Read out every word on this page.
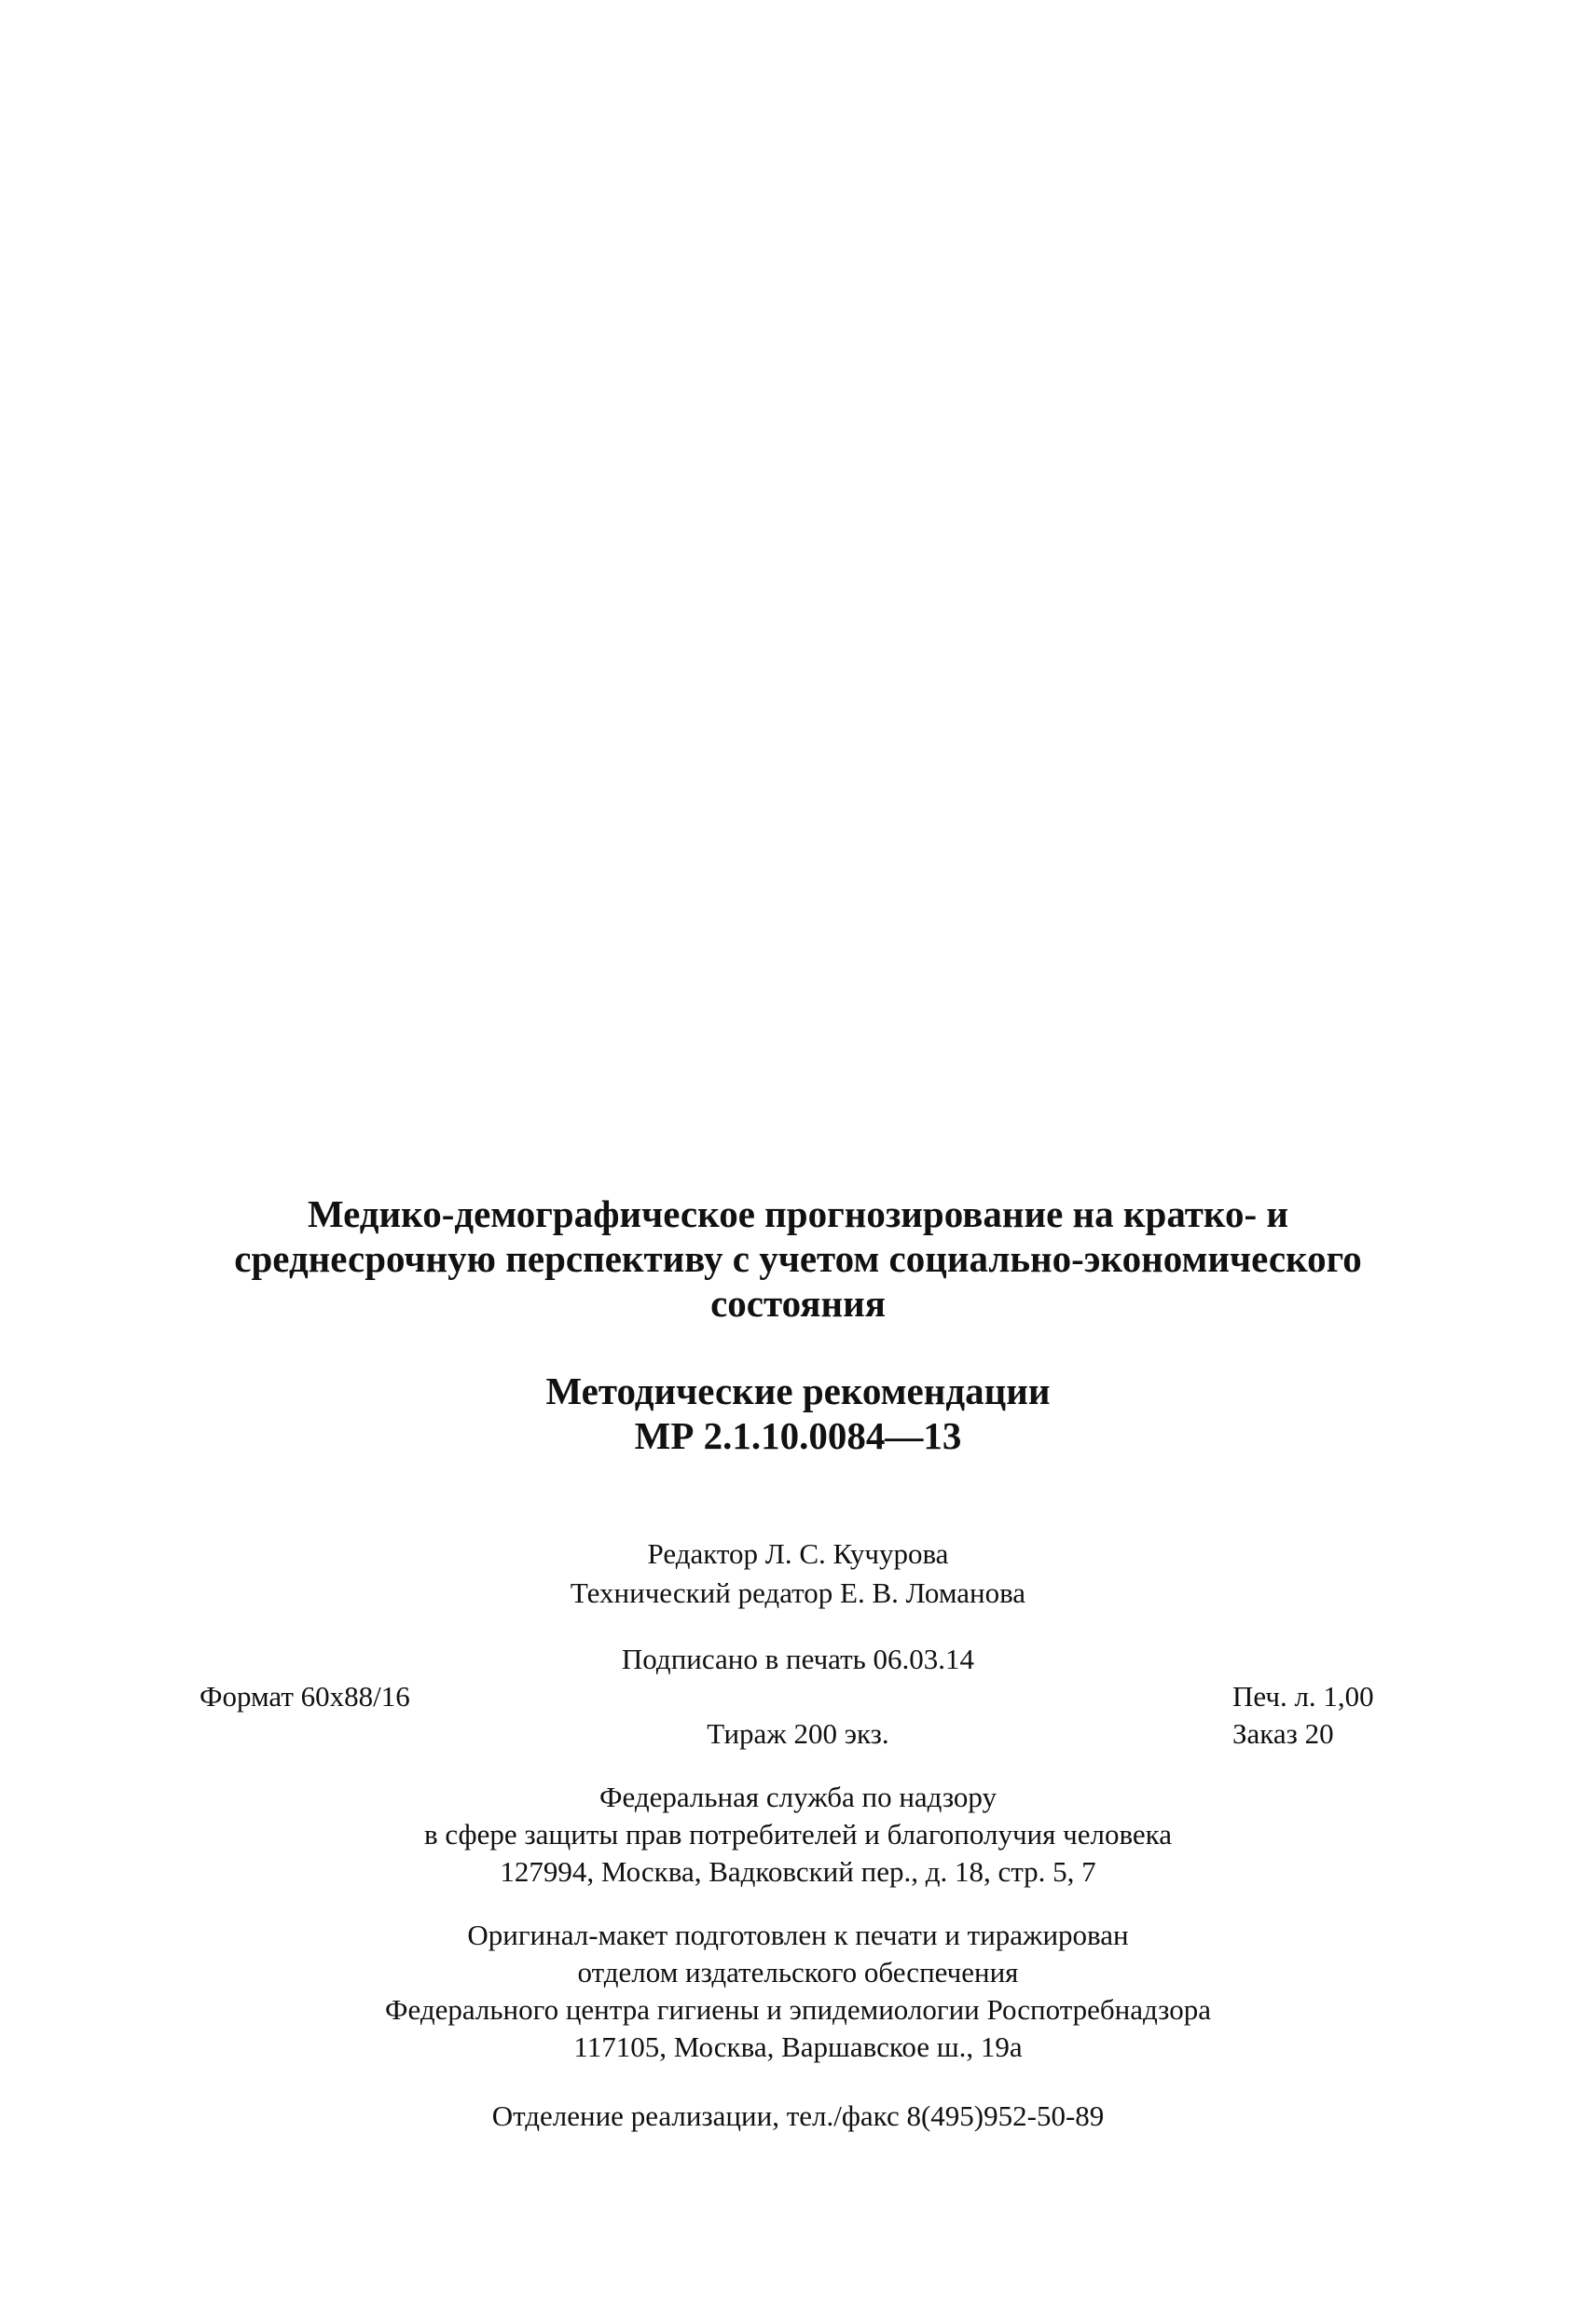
Медико-демографическое прогнозирование на кратко- и
среднесрочную перспективу с учетом социально-экономического
состояния
Методические рекомендации
МР 2.1.10.0084—13
Редактор Л. С. Кучурова
Технический редатор Е. В. Ломанова
Подписано в печать 06.03.14
Формат 60x88/16
Тираж 200 экз.
Печ. л. 1,00
Заказ 20
Федеральная служба по надзору
в сфере защиты прав потребителей и благополучия человека
127994, Москва, Вадковский пер., д. 18, стр. 5, 7
Оригинал-макет подготовлен к печати и тиражирован
отделом издательского обеспечения
Федерального центра гигиены и эпидемиологии Роспотребнадзора
117105, Москва, Варшавское ш., 19а
Отделение реализации, тел./факс 8(495)952-50-89
